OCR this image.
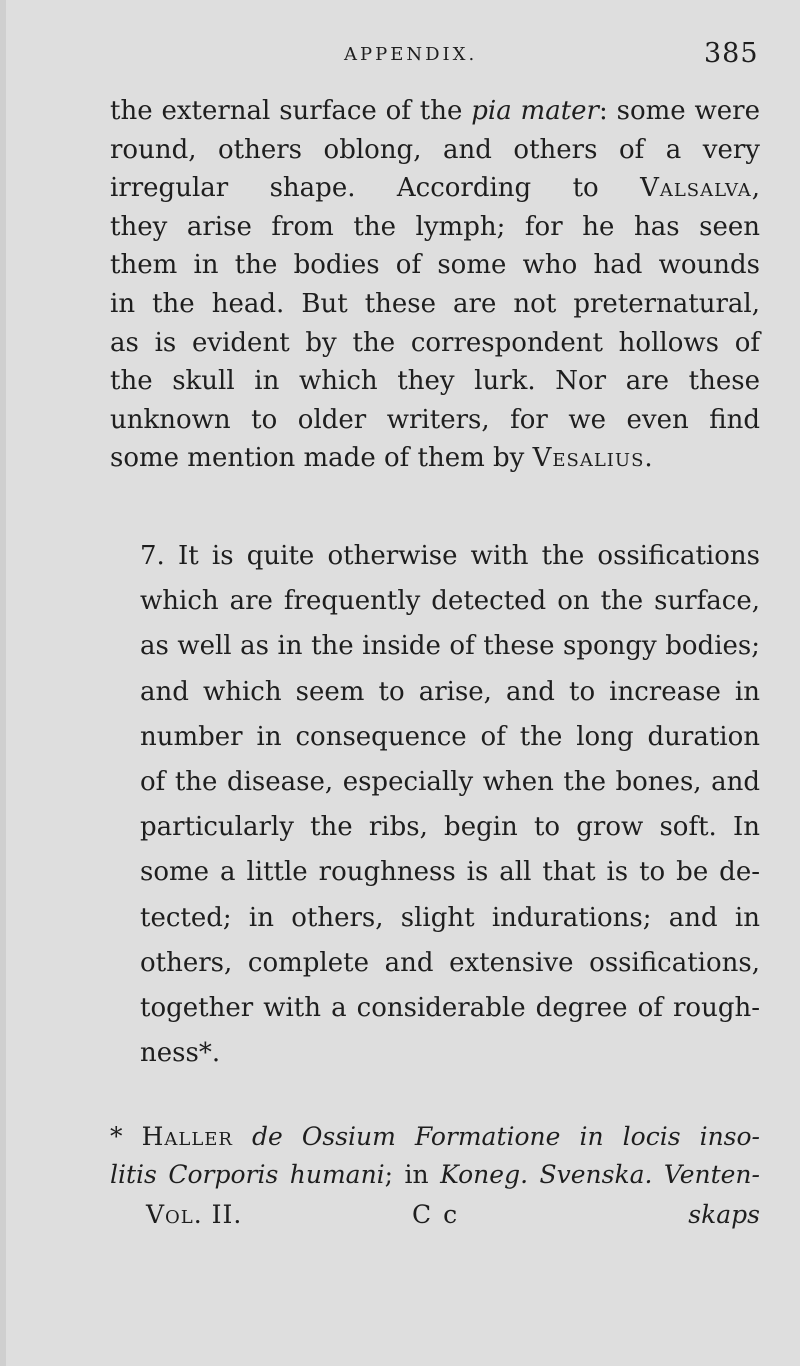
APPENDIX.	385
the external surface of the pia mater: some were
round, others oblong, and others of a very
irregular shape. According to Valsalva,
they arise from the lymph; for he has seen
them in the bodies of some who had wounds
in the head. But these are not preternatural,
as is evident by the correspondent hollows of
the skull in which they lurk. Nor are these
unknown to older writers, for we even find
some mention made of them by Vesalius.
7. It is quite otherwise with the ossifications
which are frequently detected on the surface,
as well as in the inside of these spongy bodies;
and which seem to arise, and to increase in
number in consequence of the long duration
of the disease, especially when the bones, and
particularly the ribs, begin to grow soft. In
some a little roughness is all that is to be de-
tected; in others, slight indurations; and in
others, complete and extensive ossifications,
together with a considerable degree of rough-
ness*.
* Haller de Ossium Formatione in locis inso-
litis Corporis humani; in Koneg. Svenska. Venten-
Vol. II.	C c	skaps
